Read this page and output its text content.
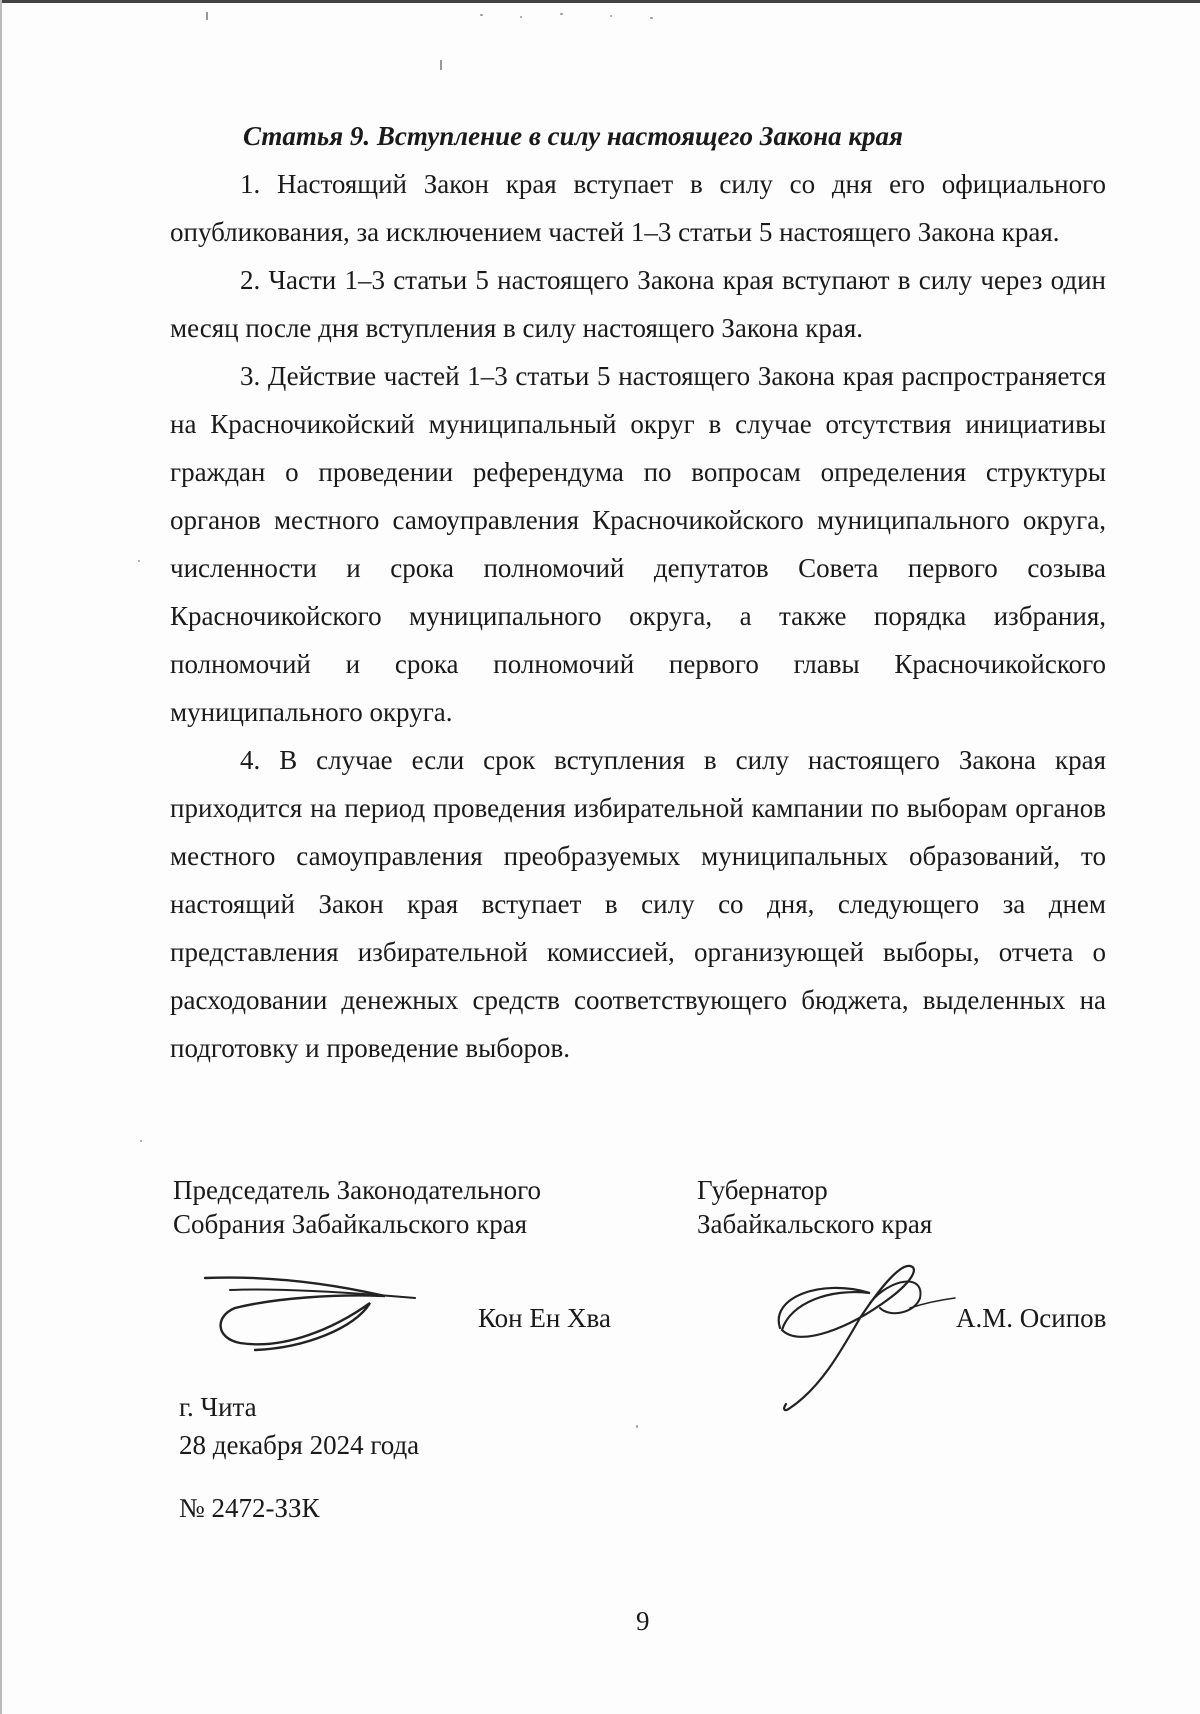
Статья 9. Вступление в силу настоящего Закона края

1. Настоящий Закон края вступает в силу со дня его официального опубликования, за исключением частей 1–3 статьи 5 настоящего Закона края.

2. Части 1–3 статьи 5 настоящего Закона края вступают в силу через один месяц после дня вступления в силу настоящего Закона края.

3. Действие частей 1–3 статьи 5 настоящего Закона края распространяется на Красночикойский муниципальный округ в случае отсутствия инициативы граждан о проведении референдума по вопросам определения структуры органов местного самоуправления Красночикойского муниципального округа, численности и срока полномочий депутатов Совета первого созыва Красночикойского муниципального округа, а также порядка избрания, полномочий и срока полномочий первого главы Красночикойского муниципального округа.

4. В случае если срок вступления в силу настоящего Закона края приходится на период проведения избирательной кампании по выборам органов местного самоуправления преобразуемых муниципальных образований, то настоящий Закон края вступает в силу со дня, следующего за днем представления избирательной комиссией, организующей выборы, отчета о расходовании денежных средств соответствующего бюджета, выделенных на подготовку и проведение выборов.

Председатель Законодательного
Собрания Забайкальского края
Губернатор
Забайкальского края
Кон Ен Хва	А.М. Осипов
г. Чита
28 декабря 2024 года
№ 2472-ЗЗК
9
